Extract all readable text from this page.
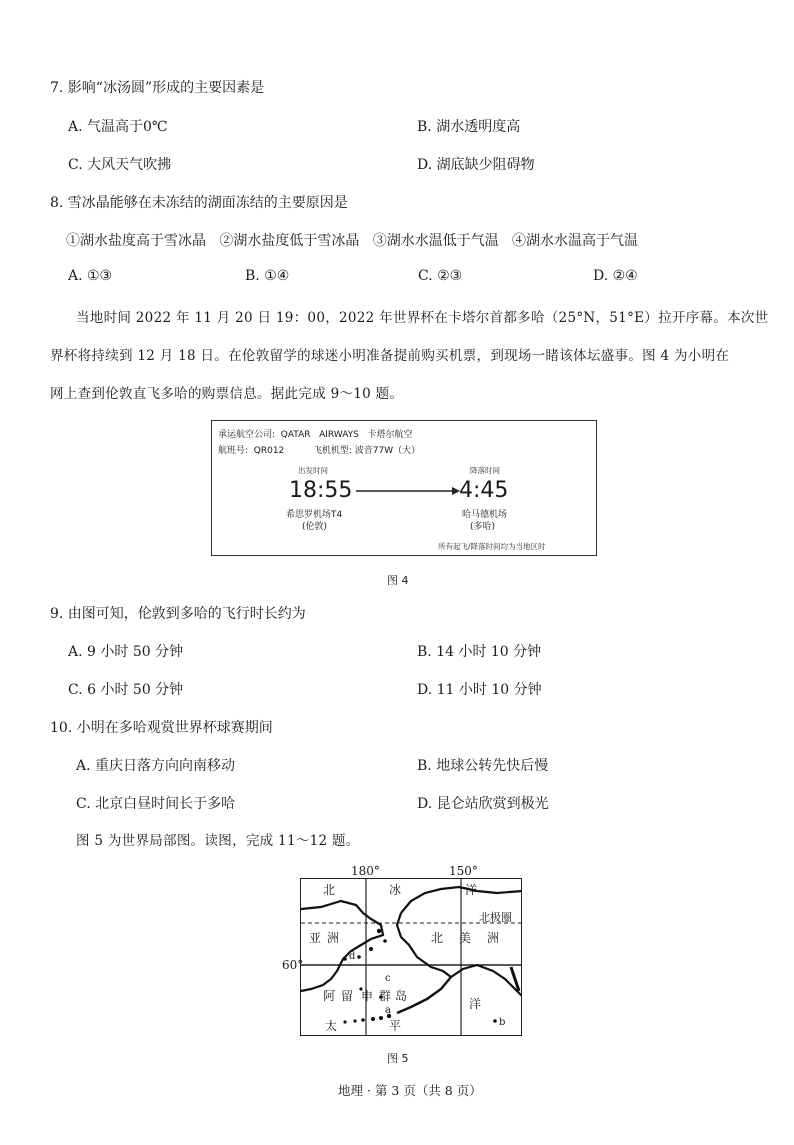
7. 影响“冰汤圆”形成的主要因素是
A. 气温高于0℃	B. 湖水透明度高
C. 大风天气吹拂	D. 湖底缺少阻碍物
8. 雪冰晶能够在未冻结的湖面冻结的主要原因是
①湖水盐度高于雪冰晶   ②湖水盐度低于雪冰晶   ③湖水水温低于气温   ④湖水水温高于气温
A. ①③	B. ①④	C. ②③	D. ②④
当地时间 2022 年 11 月 20 日 19：00，2022 年世界杯在卡塔尔首都多哈（25°N，51°E）拉开序幕。本次世
界杯将持续到 12 月 18 日。在伦敦留学的球迷小明准备提前购买机票，到现场一睹该体坛盛事。图 4 为小明在
网上查到伦敦直飞多哈的购票信息。据此完成 9～10 题。
承运航空公司:  QATAR   AIRWAYS   卡塔尔航空
航班号:  QR012          飞机机型: 波音77W（大）
出发时间
18:55
希思罗机场T4
(伦敦)
降落时间
4:45
哈马德机场
(多哈)
所有起飞/降落时间均为当地区时
图 4
9. 由图可知，伦敦到多哈的飞行时长约为
A. 9 小时 50 分钟	B. 14 小时 10 分钟
C. 6 小时 50 分钟	D. 11 小时 10 分钟
10. 小明在多哈观赏世界杯球赛期间
A. 重庆日落方向向南移动	B. 地球公转先快后慢
C. 北京白昼时间长于多哈	D. 昆仑站欣赏到极光
图 5 为世界局部图。读图，完成 11～12 题。
180°	150°
60°
北	冰	洋
北极圈
亚 洲	北 美 洲
d
c
a
b
阿 留 申 群 岛
太	平
洋
图 5
地理 · 第 3 页（共 8 页）
